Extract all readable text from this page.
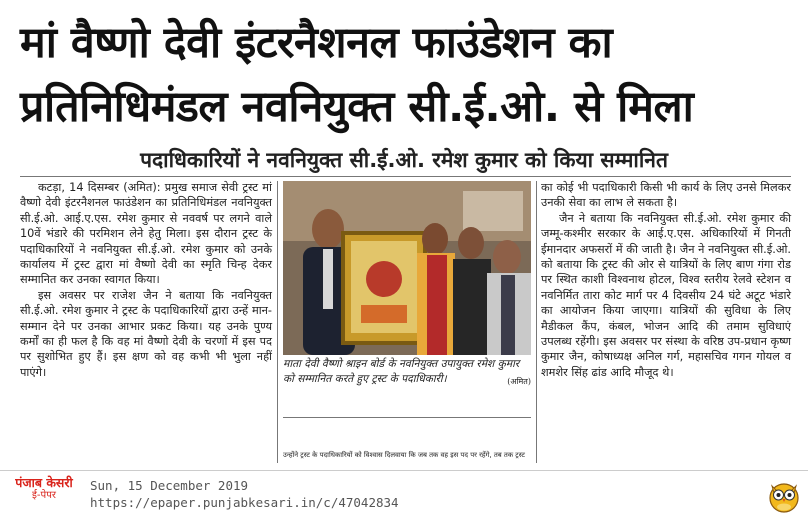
मां वैष्णो देवी इंटरनैशनल फाउंडेशन का
प्रतिनिधिमंडल नवनियुक्त सी.ई.ओ. से मिला
पदाधिकारियों ने नवनियुक्त सी.ई.ओ. रमेश कुमार को किया सम्मानित

कटड़ा, 14 दिसम्बर (अमित): प्रमुख समाज सेवी ट्रस्ट मां वैष्णो देवी इंटरनैशनल फाउंडेशन का प्रतिनिधिमंडल नवनियुक्त सी.ई.ओ. आई.ए.एस. रमेश कुमार से नववर्ष पर लगने वाले 10वें भंडारे की परमिशन लेने हेतु मिला। इस दौरान ट्रस्ट के पदाधिकारियों ने नवनियुक्त सी.ई.ओ. रमेश कुमार को उनके कार्यालय में ट्रस्ट द्वारा मां वैष्णो देवी का स्मृति चिन्ह देकर सम्मानित कर उनका स्वागत किया।

इस अवसर पर राजेश जैन ने बताया कि नवनियुक्त सी.ई.ओ. रमेश कुमार ने ट्रस्ट के पदाधिकारियों द्वारा उन्हें मान-सम्मान देने पर उनका आभार प्रकट किया। यह उनके पुण्य कर्मों का ही फल है कि वह मां वैष्णो देवी के चरणों में इस पद पर सुशोभित हुए हैं। इस क्षण को वह कभी भी भुला नहीं पाएंगे।

माता देवी वैष्णो श्राइन बोर्ड के नवनियुक्त उपायुक्त रमेश कुमार को सम्मानित करते हुए ट्रस्ट के पदाधिकारी।	(अमित)

उन्होंने ट्रस्ट के पदाधिकारियों को विश्वास दिलवाया कि जब तक वह इस पद पर रहेंगे, तब तक ट्रस्ट

का कोई भी पदाधिकारी किसी भी कार्य के लिए उनसे मिलकर उनकी सेवा का लाभ ले सकता है।

जैन ने बताया कि नवनियुक्त सी.ई.ओ. रमेश कुमार की जम्मू-कश्मीर सरकार के आई.ए.एस. अधिकारियों में गिनती ईमानदार अफसरों में की जाती है। जैन ने नवनियुक्त सी.ई.ओ. को बताया कि ट्रस्ट की ओर से यात्रियों के लिए बाण गंगा रोड पर स्थित काशी विश्वनाथ होटल, विश्व स्तरीय रेलवे स्टेशन व नवनिर्मित तारा कोट मार्ग पर 4 दिवसीय 24 घंटे अटूट भंडारे का आयोजन किया जाएगा। यात्रियों की सुविधा के लिए मैडीकल कैंप, कंबल, भोजन आदि की तमाम सुविधाएं उपलब्ध रहेंगी। इस अवसर पर संस्था के वरिष्ठ उप-प्रधान कृष्ण कुमार जैन, कोषाध्यक्ष अनिल गर्ग, महासचिव गगन गोयल व शमशेर सिंह ढांड आदि मौजूद थे।

पंजाब केसरी
ई-पेपर
Sun, 15 December 2019
https://epaper.punjabkesari.in/c/47042834
